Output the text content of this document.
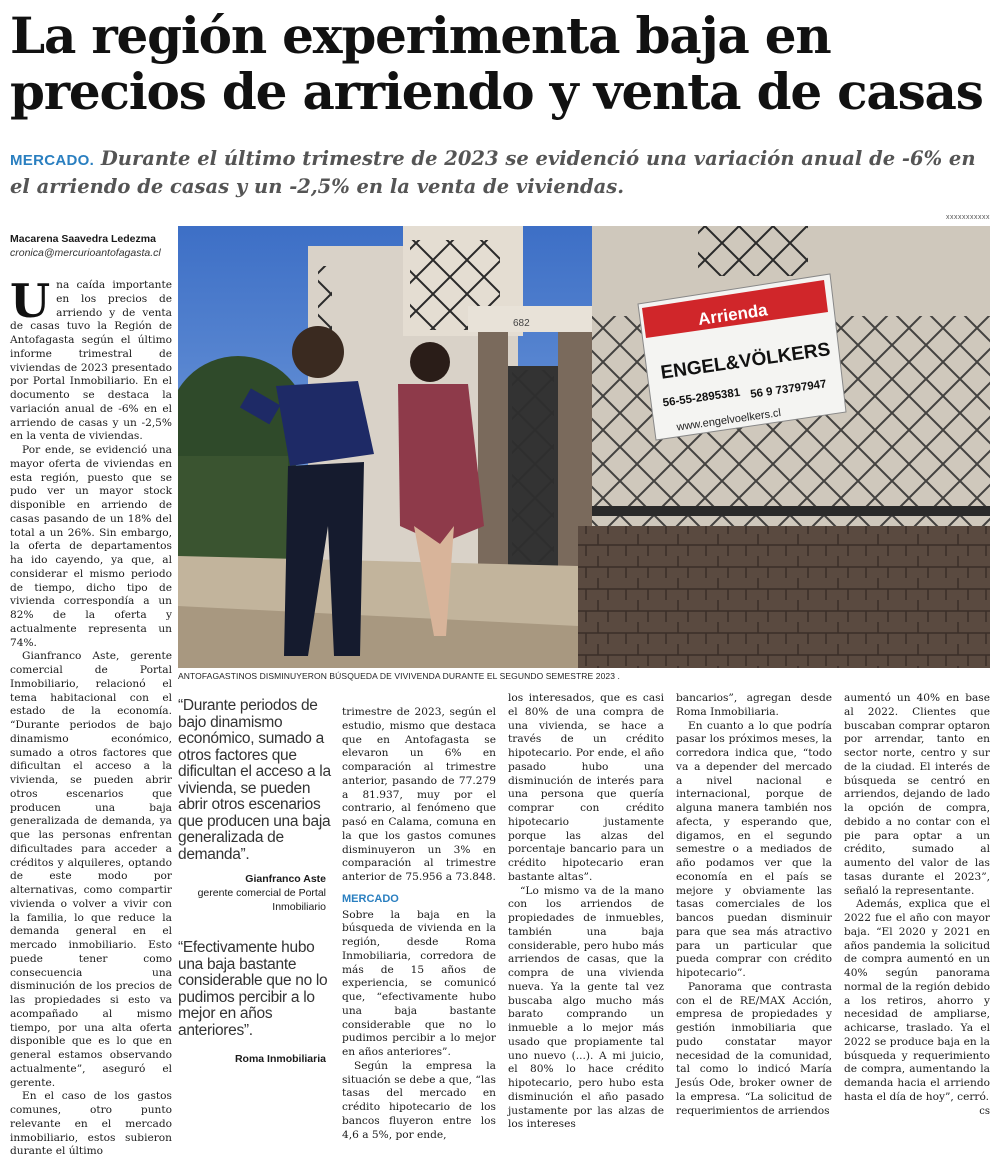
La región experimenta baja en precios de arriendo y venta de casas

MERCADO. Durante el último trimestre de 2023 se evidenció una variación anual de -6% en el arriendo de casas y un -2,5% en la venta de viviendas.

Macarena Saavedra Ledezma
cronica@mercurioantofagasta.cl
xxxxxxxxxxx
Arrienda
ENGEL&VÖLKERS
56-55-2895381 56 9 73797947
www.engelvoelkers.cl
682
ANTOFAGASTINOS DISMINUYERON BÚSQUEDA DE VIVIVENDA DURANTE EL SEGUNDO SEMESTRE 2023 .

Una caída importante en los precios de arriendo y de venta de casas tuvo la Región de Antofagasta según el último informe trimestral de viviendas de 2023 presentado por Portal Inmobiliario. En el documento se destaca la variación anual de -6% en el arriendo de casas y un -2,5% en la venta de viviendas.

Por ende, se evidenció una mayor oferta de viviendas en esta región, puesto que se pudo ver un mayor stock disponible en arriendo de casas pasando de un 18% del total a un 26%. Sin embargo, la oferta de departamentos ha ido cayendo, ya que, al considerar el mismo periodo de tiempo, dicho tipo de vivienda correspondía a un 82% de la oferta y actualmente representa un 74%.

Gianfranco Aste, gerente comercial de Portal Inmobiliario, relacionó el tema habitacional con el estado de la economía. “Durante periodos de bajo dinamismo económico, sumado a otros factores que dificultan el acceso a la vivienda, se pueden abrir otros escenarios que producen una baja generalizada de demanda, ya que las personas enfrentan dificultades para acceder a créditos y alquileres, optando de este modo por alternativas, como compartir vivienda o volver a vivir con la familia, lo que reduce la demanda general en el mercado inmobiliario. Esto puede tener como consecuencia una disminución de los precios de las propiedades si esto va acompañado al mismo tiempo, por una alta oferta disponible que es lo que en general estamos observando actualmente”, aseguró el gerente.

En el caso de los gastos comunes, otro punto relevante en el mercado inmobiliario, estos subieron durante el último

“Durante periodos de bajo dinamismo económico, sumado a otros factores que dificultan el acceso a la vivienda, se pueden abrir otros escenarios que producen una baja generalizada de demanda”.
Gianfranco Aste
gerente comercial de Portal Inmobiliario
“Efectivamente hubo una baja bastante considerable que no lo pudimos percibir a lo mejor en años anteriores”.
Roma Inmobiliaria

trimestre de 2023, según el estudio, mismo que destaca que en Antofagasta se elevaron un 6% en comparación al trimestre anterior, pasando de 77.279 a 81.937, muy por el contrario, al fenómeno que pasó en Calama, comuna en la que los gastos comunes disminuyeron un 3% en comparación al trimestre anterior de 75.956 a 73.848.

MERCADO

Sobre la baja en la búsqueda de vivienda en la región, desde Roma Inmobiliaria, corredora de más de 15 años de experiencia, se comunicó que, “efectivamente hubo una baja bastante considerable que no lo pudimos percibir a lo mejor en años anteriores”.

Según la empresa la situación se debe a que, “las tasas del mercado en crédito hipotecario de los bancos fluyeron entre los 4,6 a 5%, por ende,

los interesados, que es casi el 80% de una compra de una vivienda, se hace a través de un crédito hipotecario. Por ende, el año pasado hubo una disminución de interés para una persona que quería comprar con crédito hipotecario justamente porque las alzas del porcentaje bancario para un crédito hipotecario eran bastante altas”.

“Lo mismo va de la mano con los arriendos de propiedades de inmuebles, también una baja considerable, pero hubo más arriendos de casas, que la compra de una vivienda nueva. Ya la gente tal vez buscaba algo mucho más barato comprando un inmueble a lo mejor más usado que propiamente tal uno nuevo (...). A mi juicio, el 80% lo hace crédito hipotecario, pero hubo esta disminución el año pasado justamente por las alzas de los intereses

bancarios”, agregan desde Roma Inmobiliaria.

En cuanto a lo que podría pasar los próximos meses, la corredora indica que, “todo va a depender del mercado a nivel nacional e internacional, porque de alguna manera también nos afecta, y esperando que, digamos, en el segundo semestre o a mediados de año podamos ver que la economía en el país se mejore y obviamente las tasas comerciales de los bancos puedan disminuir para que sea más atractivo para un particular que pueda comprar con crédito hipotecario”.

Panorama que contrasta con el de RE/MAX Acción, empresa de propiedades y gestión inmobiliaria que pudo constatar mayor necesidad de la comunidad, tal como lo indicó María Jesús Ode, broker owner de la empresa. “La solicitud de requerimientos de arriendos

aumentó un 40% en base al 2022. Clientes que buscaban comprar optaron por arrendar, tanto en sector norte, centro y sur de la ciudad. El interés de búsqueda se centró en arriendos, dejando de lado la opción de compra, debido a no contar con el pie para optar a un crédito, sumado al aumento del valor de las tasas durante el 2023”, señaló la representante.

Además, explica que el 2022 fue el año con mayor baja. “El 2020 y 2021 en años pandemia la solicitud de compra aumentó en un 40% según panorama normal de la región debido a los retiros, ahorro y necesidad de ampliarse, achicarse, traslado. Ya el 2022 se produce baja en la búsqueda y requerimiento de compra, aumentando la demanda hacia el arriendo hasta el día de hoy”, cerró.

cs
